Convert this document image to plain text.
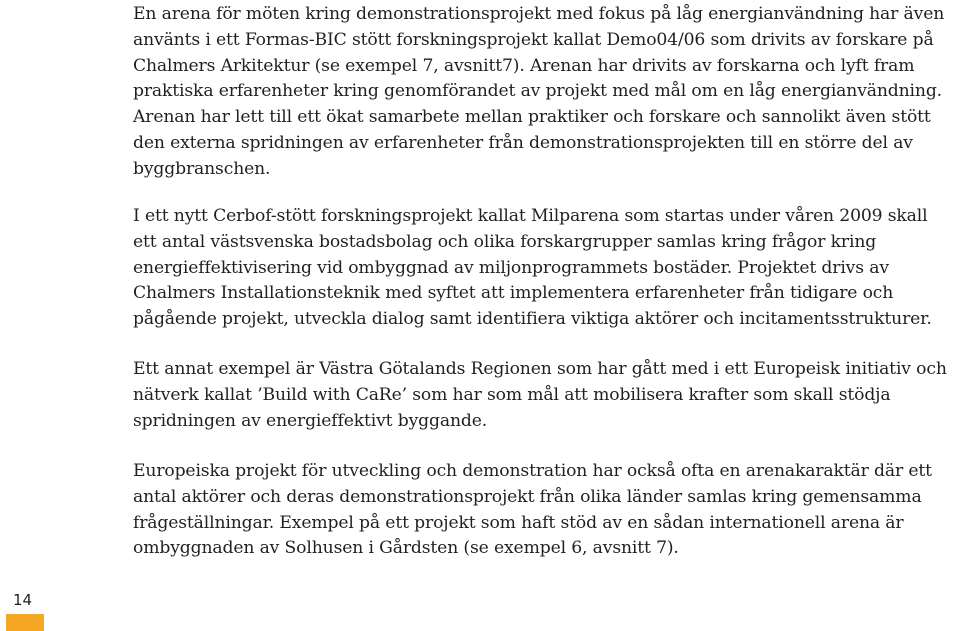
En arena för möten kring demonstrationsprojekt med fokus på låg energianvändning har även använts i ett Formas-BIC stött forskningsprojekt kallat Demo04/06 som drivits av forskare på Chalmers Arkitektur (se exempel 7, avsnitt7). Arenan har drivits av forskarna och lyft fram praktiska erfarenheter kring genomförandet av projekt med mål om en låg energianvändning. Arenan har lett till ett ökat samarbete mellan praktiker och forskare och sannolikt även stött den externa spridningen av erfarenheter från demonstrationsprojekten till en större del av byggbranschen.

I ett nytt Cerbof-stött forskningsprojekt kallat Milparena som startas under våren 2009 skall ett antal västsvenska bostadsbolag och olika forskargrupper samlas kring frågor kring energieffektivisering vid ombyggnad av miljonprogrammets bostäder. Projektet drivs av Chalmers Installationsteknik med syftet att implementera erfarenheter från tidigare och pågående projekt, utveckla dialog samt identifiera viktiga aktörer och incitamentsstrukturer.

Ett annat exempel är Västra Götalands Regionen som har gått med i ett Europeisk initiativ och nätverk kallat ’Build with CaRe’ som har som mål att mobilisera krafter som skall stödja spridningen av energieffektivt byggande.

Europeiska projekt för utveckling och demonstration har också ofta en arenakaraktär där ett antal aktörer och deras demonstrationsprojekt från olika länder samlas kring gemensamma frågeställningar. Exempel på ett projekt som haft stöd av en sådan internationell arena är ombyggnaden av Solhusen i Gårdsten (se exempel 6, avsnitt 7).

14
